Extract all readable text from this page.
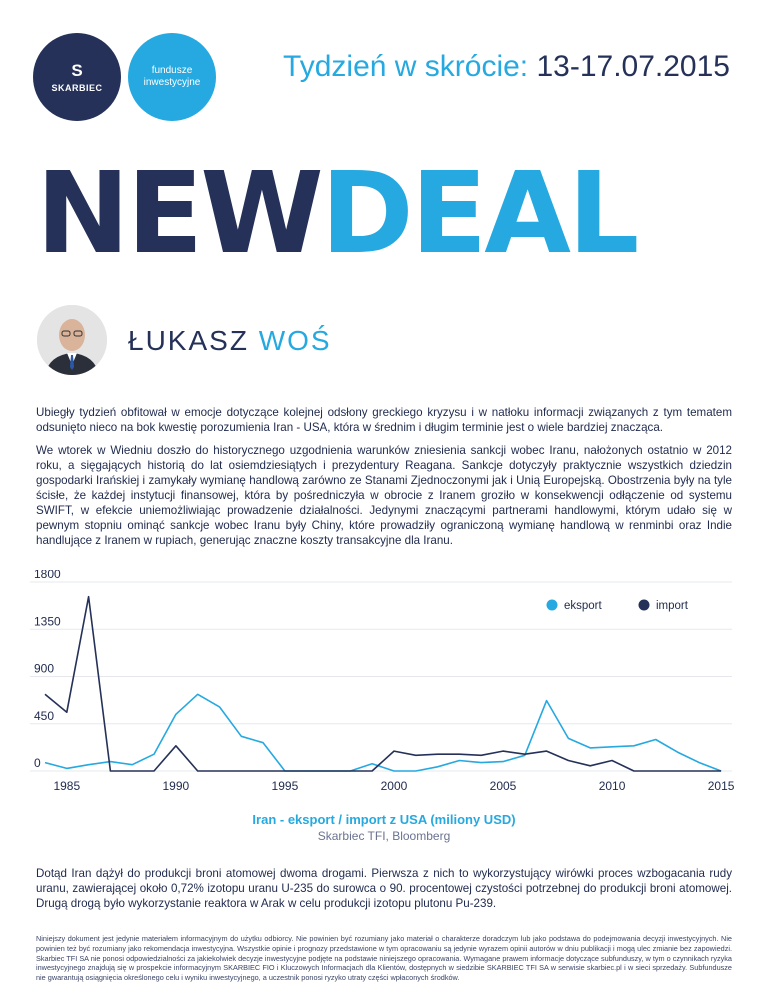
S
SKARBIEC
fundusze
inwestycyjne	Tydzień w skrócie: 13-17.07.2015
NEWDEAL
ŁUKASZ WOŚ

Ubiegły tydzień obfitował w emocje dotyczące kolejnej odsłony greckiego kryzysu i w natłoku informacji związanych z tym tematem odsunięto nieco na bok kwestię porozumienia Iran - USA, która w średnim i długim terminie jest o wiele bardziej znacząca.

We wtorek w Wiedniu doszło do historycznego uzgodnienia warunków zniesienia sankcji wobec Iranu, nałożonych ostatnio w 2012 roku, a sięgających historią do lat osiemdziesiątych i prezydentury Reagana. Sankcje dotyczyły praktycznie wszystkich dziedzin gospodarki Irańskiej i zamykały wymianę handlową zarówno ze Stanami Zjednoczonymi jak i Unią Europejską. Obostrzenia były na tyle ścisłe, że każdej instytucji finansowej, która by pośredniczyła w obrocie z Iranem groziło w konsekwencji odłączenie od systemu SWIFT, w efekcie uniemożliwiając prowadzenie działalności. Jedynymi znaczącymi partnerami handlowymi, którym udało się w pewnym stopniu ominąć sankcje wobec Iranu były Chiny, które prowadziły ograniczoną wymianę handlową w renminbi oraz Indie handlujące z Iranem w rupiach, generując znaczne koszty transakcyjne dla Iranu.

0
450
900
1350
1800
1985	1990	1995	2000	2005	2010	2015
eksport	import
Iran - eksport / import z USA (miliony USD)
Skarbiec TFI, Bloomberg

Dotąd Iran dążył do produkcji broni atomowej dwoma drogami. Pierwsza z nich to wykorzystujący wirówki proces wzbogacania rudy uranu, zawierającej około 0,72% izotopu uranu U-235 do surowca o 90. procentowej czystości potrzebnej do produkcji broni atomowej. Drugą drogą było wykorzystanie reaktora w Arak w celu produkcji izotopu plutonu Pu-239.

Niniejszy dokument jest jedynie materiałem informacyjnym do użytku odbiorcy. Nie powinien być rozumiany jako materiał o charakterze doradczym lub jako podstawa do podejmowania decyzji inwestycyjnych. Nie powinien też być rozumiany jako rekomendacja inwestycyjna. Wszystkie opinie i prognozy przedstawione w tym opracowaniu są jedynie wyrazem opinii autorów w dniu publikacji i mogą ulec zmianie bez zapowiedzi. Skarbiec TFI SA nie ponosi odpowiedzialności za jakiekolwiek decyzje inwestycyjne podjęte na podstawie niniejszego opracowania. Wymagane prawem informacje dotyczące subfunduszy, w tym o czynnikach ryzyka inwestycyjnego znajdują się w prospekcie informacyjnym SKARBIEC FIO i Kluczowych Informacjach dla Klientów, dostępnych w siedzibie SKARBIEC TFI SA w serwisie skarbiec.pl i w sieci sprzedaży. Subfundusze nie gwarantują osiągnięcia określonego celu i wyniku inwestycyjnego, a uczestnik ponosi ryzyko utraty części wpłaconych środków.
